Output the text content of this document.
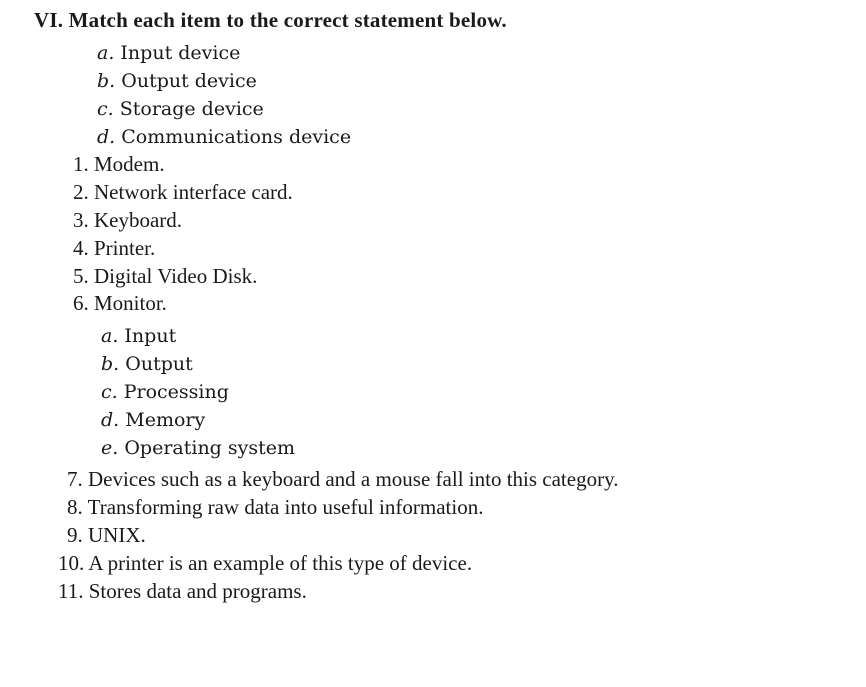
VI. Match each item to the correct statement below.
a. Input device
b. Output device
c. Storage device
d. Communications device
1. Modem.
2. Network interface card.
3. Keyboard.
4. Printer.
5. Digital Video Disk.
6. Monitor.
a. Input
b. Output
c. Processing
d. Memory
e. Operating system
7. Devices such as a keyboard and a mouse fall into this category.
8. Transforming raw data into useful information.
9. UNIX.
10. A printer is an example of this type of device.
11. Stores data and programs.
